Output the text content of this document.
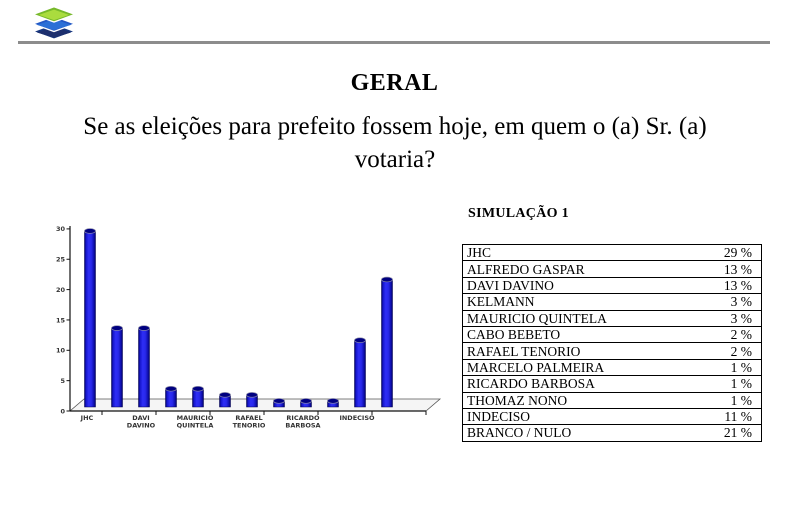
GERAL
Se as eleições para prefeito fossem hoje, em quem o (a) Sr. (a)
votaria?
0
5
10
15
20
25
30
JHC	DAVI DAVINO
MAURICIO QUINTELA
RAFAEL TENORIO
RICARDO BARBOSA
INDECISO
SIMULAÇÃO 1
JHC	29 %
ALFREDO GASPAR	13 %
DAVI DAVINO	13 %
KELMANN	3 %
MAURICIO QUINTELA	3 %
CABO BEBETO	2 %
RAFAEL TENORIO	2 %
MARCELO PALMEIRA	1 %
RICARDO BARBOSA	1 %
THOMAZ NONO	1 %
INDECISO	11 %
BRANCO / NULO	21 %
